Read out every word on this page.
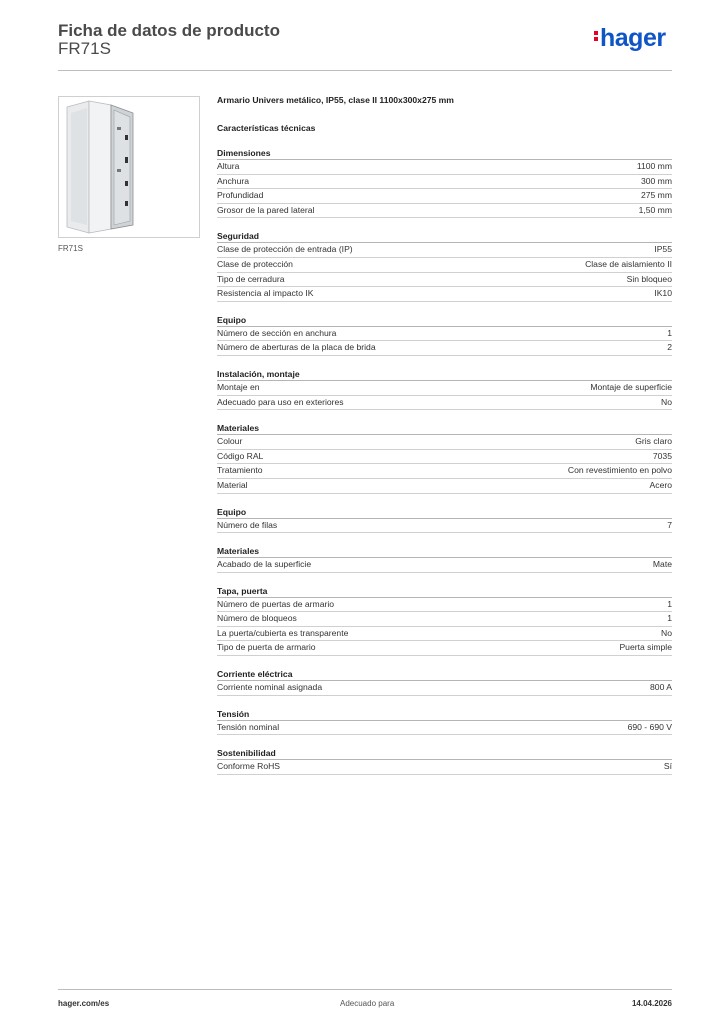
Ficha de datos de producto
FR71S	hager
FR71S
Armario Univers metálico, IP55, clase II 1100x300x275 mm
Características técnicas
Dimensiones
Altura	1100 mm
Anchura	300 mm
Profundidad	275 mm
Grosor de la pared lateral	1,50 mm
Seguridad
Clase de protección de entrada (IP)	IP55
Clase de protección	Clase de aislamiento II
Tipo de cerradura	Sin bloqueo
Resistencia al impacto IK	IK10
Equipo
Número de sección en anchura	1
Número de aberturas de la placa de brida	2
Instalación, montaje
Montaje en	Montaje de superficie
Adecuado para uso en exteriores	No
Materiales
Colour	Gris claro
Código RAL	7035
Tratamiento	Con revestimiento en polvo
Material	Acero
Equipo
Número de filas	7
Materiales
Acabado de la superficie	Mate
Tapa, puerta
Número de puertas de armario	1
Número de bloqueos	1
La puerta/cubierta es transparente	No
Tipo de puerta de armario	Puerta simple
Corriente eléctrica
Corriente nominal asignada	800 A
Tensión
Tensión nominal	690 - 690 V
Sostenibilidad
Conforme RoHS	Sí
hager.com/es	Adecuado para	14.04.2026
